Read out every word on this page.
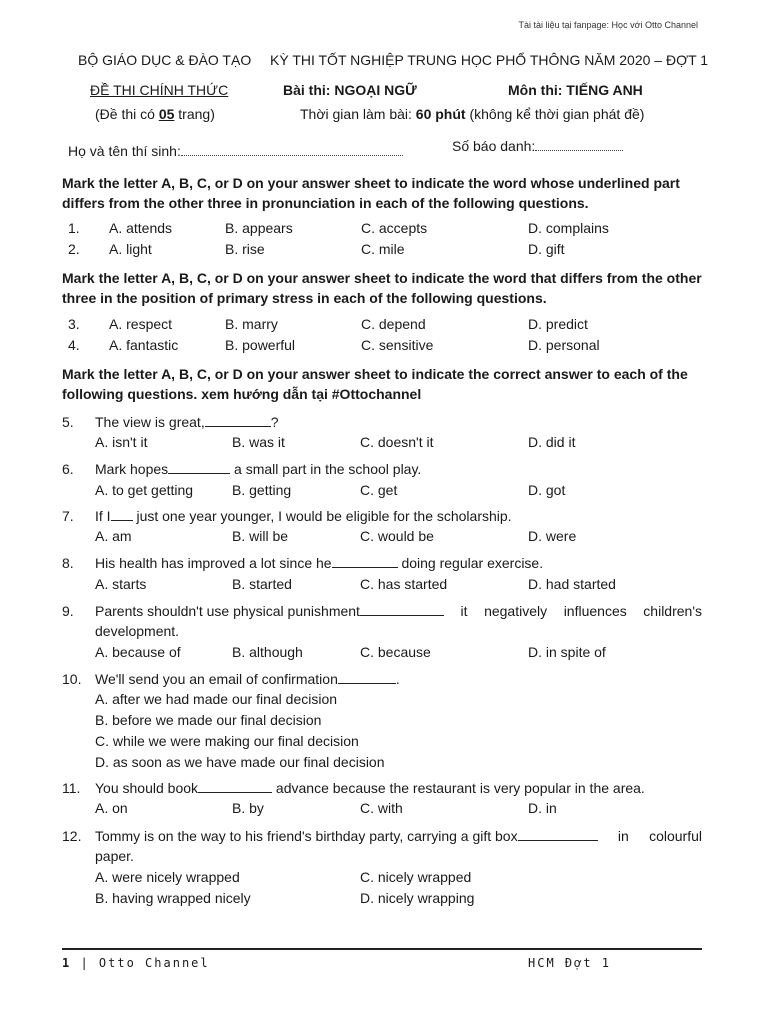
Tài tài liệu tại fanpage: Học với Otto Channel
BỘ GIÁO DỤC & ĐÀO TẠO KỲ THI TỐT NGHIỆP TRUNG HỌC PHỔ THÔNG NĂM 2020 – ĐỢT 1
ĐỀ THI CHÍNH THỨC	Bài thi: NGOẠI NGỮ	Môn thi: TIẾNG ANH
(Đề thi có 05 trang)	Thời gian làm bài: 60 phút (không kể thời gian phát đề)
Họ và tên thí sinh:	Số báo danh:
Mark the letter A, B, C, or D on your answer sheet to indicate the word whose underlined part differs from the other three in pronunciation in each of the following questions.
1. A. attends	B. appears	C. accepts	D. complains
2. A. light	B. rise	C. mile	D. gift
Mark the letter A, B, C, or D on your answer sheet to indicate the word that differs from the other three in the position of primary stress in each of the following questions.
3. A. respect	B. marry	C. depend	D. predict
4. A. fantastic	B. powerful	C. sensitive	D. personal
Mark the letter A, B, C, or D on your answer sheet to indicate the correct answer to each of the following questions. xem hướng dẫn tại #Ottochannel
5. The view is great,	?
A. isn't it	B. was it	C. doesn't it	D. did it
6. Mark hopes	a small part in the school play.
A. to get getting	B. getting	C. get	D. got
7. If I just one year younger, I would be eligible for the scholarship.
A. am	B. will be	C. would be	D. were
8. His health has improved a lot since he	doing regular exercise.
A. starts	B. started	C. has started	D. had started
9. Parents shouldn't use physical punishment	it negatively influences children's
development.
A. because of	B. although	C. because	D. in spite of
10. We'll send you an email of confirmation	.
A. after we had made our final decision
B. before we made our final decision
C. while we were making our final decision
D. as soon as we have made our final decision
11. You should book	advance because the restaurant is very popular in the area.
A. on	B. by	C. with	D. in
12. Tommy is on the way to his friend's birthday party, carrying a gift box	in colourful
paper.
A. were nicely wrapped	C. nicely wrapped
B. having wrapped nicely	D. nicely wrapping
1 | Otto Channel	HCM Đợt 1
